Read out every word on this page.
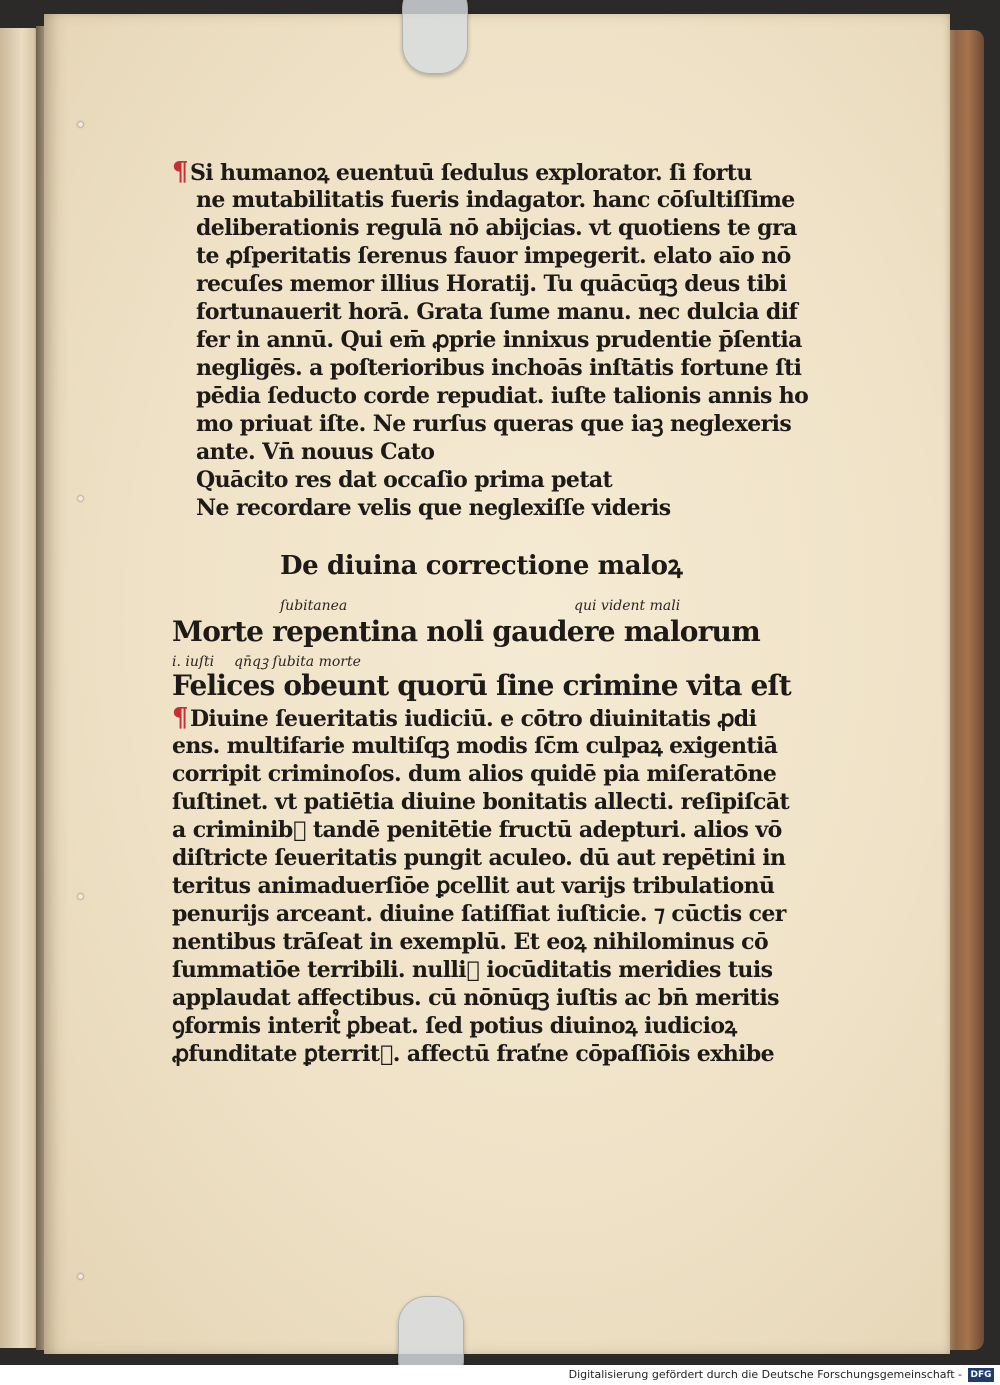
¶Si humanoꝝ euentuū ſedulus explorator. ſi fortu

ne mutabilitatis fueris indagator. hanc cōſultiſſime

deliberationis regulā nō abijcias. vt quotiens te gra

te ꝓſperitatis ſerenus fauor impegerit. elato aīo nō

recuſes memor illius Horatij. Tu quācūqꝫ deus tibi

fortunauerit horā. Grata ſume manu. nec dulcia dif

fer in annū. Qui em̄ ꝓprie innixus prudentie p̄ſentia

negligēs. a poſterioribus inchoās inſtātis fortune ſti

pēdia ſeducto corde repudiat. iuſte talionis annis ho

mo priuat iſte. Ne rurſus queras que iaꝫ neglexeris

ante. Vn̄ nouus Cato

Quācito res dat occaſio prima petat

Ne recordare velis que neglexiſſe videris

De diuina correctione maloꝝ

ſubitanea	qui vident mali

Morte repentina noli gaudere malorum

i. iuſti qn̄qꝫ ſubita morte

Felices obeunt quorū ſine crimine vita eſt

¶Diuine ſeueritatis iudiciū. e cōtro diuinitatis ꝓdi

ens. multifarie multiſqꝫ modis ſc̄m culpaꝝ exigentiā

corripit criminoſos. dum alios quidē pia miſeratōne

ſuſtinet. vt patiētia diuine bonitatis allecti. reſipiſcāt

a criminib᷒ tandē penitētie fructū adepturi. alios vō

diſtricte ſeueritatis pungit aculeo. dū aut repētini in

teritus animaduerſiōe ꝑcellit aut varijs tribulationū

penurijs arceant. diuine ſatiſfiat iuſticie. ⁊ cūctis cer

nentibus trāſeat in exemplū. Et eoꝝ nihilominus cō

ſummatiōe terribili. nulli᷒ iocūditatis meridies tuis

applaudat affectibus. cū nōnūqꝫ iuſtis ac bn̄ meritis

ꝯformis interit᷒ ꝑbeat. ſed potius diuinoꝝ iudicioꝝ

ꝓfunditate ꝑterrit᷒. affectū fraťne cōpaſſiōis exhibe

Digitalisierung gefördert durch die Deutsche Forschungsgemeinschaft - DFG
